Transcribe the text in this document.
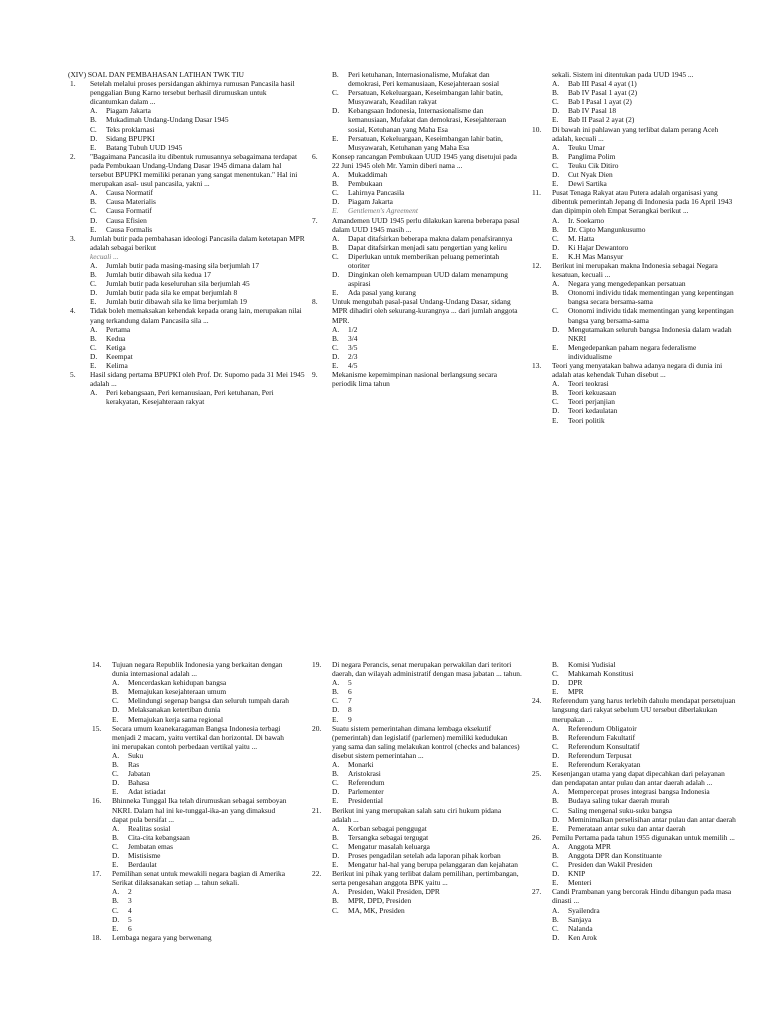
(XIV) SOAL DAN PEMBAHASAN LATIHAN TWK TIU
1. Setelah melalui proses persidangan akhirnya rumusan Pancasila hasil penggalian Bung Karno tersebut berhasil dirumuskan untuk dicantumkan dalam ...
A. Piagam Jakarta
B. Mukadimah Undang-Undang Dasar 1945
C. Teks proklamasi
D. Sidang BPUPKI
E. Batang Tubuh UUD 1945
2. "Bagaimana Pancasila itu dibentuk rumusannya sebagaimana terdapat pada Pembukaan Undang-Undang Dasar 1945 dimana dalam hal tersebut BPUPKI memiliki peranan yang sangat menentukan." Hal ini merupakan asal- usul pancasila, yakni ...
A. Causa Normatif
B. Causa Materialis
C. Causa Formatif
D. Causa Efisien
E. Causa Formalis
3. Jumlah butir pada pembahasan ideologi Pancasila dalam ketetapan MPR adalah sebagai berikut
kecuali ...
A. Jumlah butir pada masing-masing sila berjumlah 17
B. Jumlah butir dibawah sila kedua 17
C. Jumlah butir pada keseluruhan sila berjumlah 45
D. Jumlah butir pada sila ke empat berjumlah 8
E. Jumlah butir dibawah sila ke lima berjumlah 19
4. Tidak boleh memaksakan kehendak kepada orang lain, merupakan nilai yang terkandung dalam Pancasila sila ...
A. Pertama
B. Kedua
C. Ketiga
D. Keempat
E. Kelima
5. Hasil sidang pertama BPUPKI oleh Prof. Dr. Supomo pada 31 Mei 1945 adalah ...
A. Peri kebangsaan, Peri kemanusiaan, Peri ketuhanan, Peri kerakyatan, Kesejahteraan rakyat
B. Peri ketuhanan, Internasionalisme, Mufakat dan demokrasi, Peri kemanusiaan, Kesejahteraan sosial
C. Persatuan, Kekeluargaan, Keseimbangan lahir batin, Musyawarah, Keadilan rakyat
D. Kebangsaan Indonesia, Internasionalisme dan kemanusiaan, Mufakat dan demokrasi, Kesejahteraan sosial, Ketuhanan yang Maha Esa
E. Persatuan, Kekeluargaan, Keseimbangan lahir batin, Musyawarah, Ketuhanan yang Maha Esa
6. Konsep rancangan Pembukaan UUD 1945 yang disetujui pada 22 Juni 1945 oleh Mr. Yamin diberi nama ...
A. Mukaddimah
B. Pembukaan
C. Lahirnya Pancasila
D. Piagam Jakarta
E. Gentlemen's Agreement
7. Amandemen UUD 1945 perlu dilakukan karena beberapa pasal dalam UUD 1945 masih ...
A. Dapat ditafsirkan beberapa makna dalam penafsirannya
B. Dapat ditafsirkan menjadi satu pengertian yang keliru
C. Diperlukan untuk memberikan peluang pemerintah otoriter
D. Dinginkan oleh kemampuan UUD dalam menampung aspirasi
E. Ada pasal yang kurang
8. Untuk mengubah pasal-pasal Undang-Undang Dasar, sidang MPR dihadiri oleh sekurang-kurangnya ... dari jumlah anggota MPR.
A. 1/2
B. 3/4
C. 3/5
D. 2/3
E. 4/5
9. Mekanisme kepemimpinan nasional berlangsung secara periodik lima tahun
sekali. Sistem ini ditentukan pada UUD 1945 ...
A. Bab III Pasal 4 ayat (1)
B. Bab IV Pasal 1 ayat (2)
C. Bab I Pasal 1 ayat (2)
D. Bab IV Pasal 18
E. Bab II Pasal 2 ayat (2)
10. Di bawah ini pahlawan yang terlibat dalam perang Aceh adalah, kecuali ...
A. Teuku Umar
B. Panglima Polim
C. Teuku Cik Ditiro
D. Cut Nyak Dien
E. Dewi Sartika
11. Pusat Tenaga Rakyat atau Putera adalah organisasi yang dibentuk pemerintah Jepang di Indonesia pada 16 April 1943 dan dipimpin oleh Empat Serangkai berikut ...
A. Ir. Soekarno
B. Dr. Cipto Mangunkusumo
C. M. Hatta
D. Ki Hajar Dewantoro
E. K.H Mas Mansyur
12. Berikut ini merupakan makna Indonesia sebagai Negara kesatuan, kecuali ...
A. Negara yang mengedepankan persatuan
B. Otonomi individu tidak mementingan yang kepentingan bangsa secara bersama-sama
C. Otonomi individu tidak mementingan yang kepentingan bangsa yang bersama-sama
D. Mengutamakan seluruh bangsa Indonesia dalam wadah NKRI
E. Mengedepankan paham negara federalisme individualisme
13. Teori yang menyatakan bahwa adanya negara di dunia ini adalah atas kehendak Tuhan disebut ...
A. Teori teokrasi
B. Teori kekuasaan
C. Teori perjanjian
D. Teori kedaulatan
E. Teori politik
14. Tujuan negara Republik Indonesia yang berkaitan dengan dunia internasional adalah ...
A. Mencerdaskan kehidupan bangsa
B. Memajukan kesejahteraan umum
C. Melindungi segenap bangsa dan seluruh tumpah darah
D. Melaksanakan ketertiban dunia
E. Memajukan kerja sama regional
15. Secara umum keanekaragaman Bangsa Indonesia terbagi menjadi 2 macam, yaitu vertikal dan horizontal. Di bawah ini merupakan contoh perbedaan vertikal yaitu ...
A. Suku
B. Ras
C. Jabatan
D. Bahasa
E. Adat istiadat
16. Bhinneka Tunggal Ika telah dirumuskan sebagai semboyan NKRI. Dalam hal ini ke-tunggal-ika-an yang dimaksud dapat pula bersifat ...
A. Realitas sosial
B. Cita-cita kebangsaan
C. Jembatan emas
D. Mistisisme
E. Berdaulat
17. Pemilihan senat untuk mewakili negara bagian di Amerika Serikat dilaksanakan setiap ... tahun sekali.
A. 2
B. 3
C. 4
D. 5
E. 6
18. Lembaga negara yang berwenang
19. Di negara Perancis, senat merupakan perwakilan dari teritori daerah, dan wilayah administratif dengan masa jabatan ... tahun.
A. 5
B. 6
C. 7
D. 8
E. 9
20. Suatu sistem pemerintahan dimana lembaga eksekutif (pemerintah) dan legislatif (parlemen) memiliki kedudukan yang sama dan saling melakukan kontrol (checks and balances) disebut sistem pemerintahan ...
A. Monarki
B. Aristokrasi
C. Referendum
D. Parlementer
E. Presidential
21. Berikut ini yang merupakan salah satu ciri hukum pidana adalah ...
A. Korban sebagai penggugat
B. Tersangka sebagai tergugat
C. Mengatur masalah keluarga
D. Proses pengadilan setelah ada laporan pihak korban
E. Mengatur hal-hal yang berupa pelanggaran dan kejahatan
22. Berikut ini pihak yang terlibat dalam pemilihan, pertimbangan, serta pengesahan anggota BPK yaitu ...
A. Presiden, Wakil Presiden, DPR
B. MPR, DPD, Presiden
C. MA, MK, Presiden
B. Komisi Yudisial
C. Mahkamah Konstitusi
D. DPR
E. MPR
24. Referendum yang harus terlebih dahulu mendapat persetujuan langsung dari rakyat sebelum UU tersebut diberlakukan merupakan ...
A. Referendum Obligatoir
B. Referendum Fakultatif
C. Referendum Konsultatif
D. Referendum Terpusat
E. Referendum Kerakyatan
25. Kesenjangan utama yang dapat dipecahkan dari pelayanan dan pendapatan antar pulau dan antar daerah adalah ...
A. Mempercepat proses integrasi bangsa Indonesia
B. Budaya saling tukar daerah murah
C. Saling mengenal suku-suku bangsa
D. Meminimalkan perselisihan antar pulau dan antar daerah
E. Pemerataan antar suku dan antar daerah
26. Pemilu Pertama pada tahun 1955 digunakan untuk memilih ...
A. Anggota MPR
B. Anggota DPR dan Konstituante
C. Presiden dan Wakil Presiden
D. KNIP
E. Menteri
27. Candi Prambanan yang bercorak Hindu dibangun pada masa dinasti ...
A. Syailendra
B. Sanjaya
C. Nalanda
D. Ken Arok
